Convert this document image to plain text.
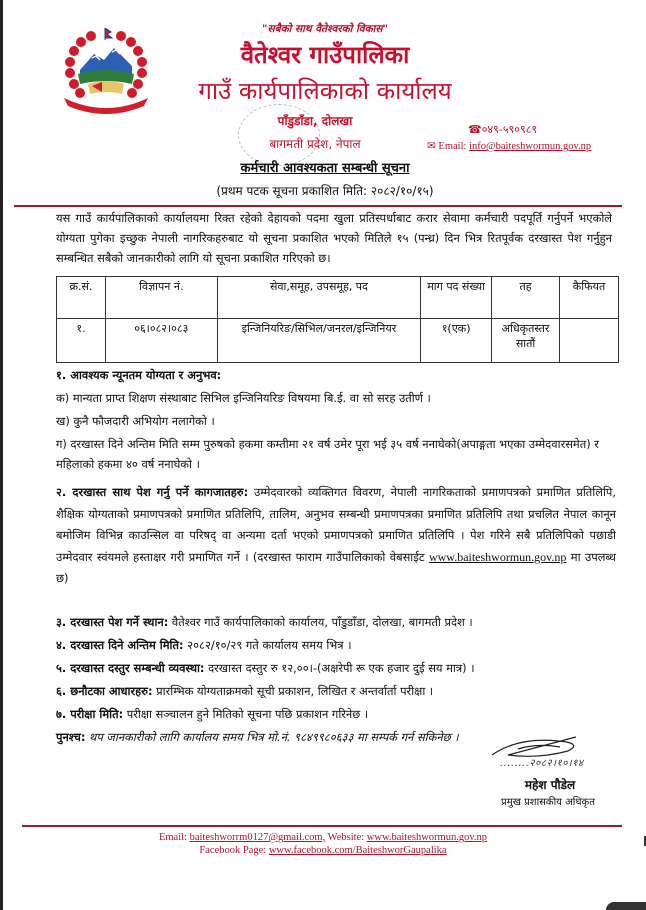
"सबैको साथ वैतेश्वरको विकास"
वैतेश्वर गाउँपालिका
गाउँ कार्यपालिकाको कार्यालय
पाँडुडाँडा, दोलखा
बागमती प्रदेश, नेपाल
☎०४९-५९०९८९
✉ Email: info@baiteshwormun.gov.np
कर्मचारी आवश्यकता सम्बन्धी सूचना
(प्रथम पटक सूचना प्रकाशित मिति: २०८२/१०/१५)
यस गाउँ कार्यपालिकाको कार्यालयमा रिक्त रहेको देहायको पदमा खुला प्रतिस्पर्धाबाट करार सेवामा कर्मचारी पदपूर्ति गर्नुपर्ने भएकोले योग्यता पुगेका इच्छुक नेपाली नागरिकहरुबाट यो सूचना प्रकाशित भएको मितिले १५ (पन्ध्र) दिन भित्र रितपूर्वक दरखास्त पेश गर्नुहुन सम्बन्धित सबैको जानकारीको लागि यो सूचना प्रकाशित गरिएको छ।
क्र.सं.	विज्ञापन नं.	सेवा,समूह, उपसमूह, पद	माग पद संख्या	तह	कैफियत
१.	०६।०८२।०८३	इन्जिनियरिङ/सिभिल/जनरल/इन्जिनियर	१(एक)	अधिकृतस्तर सातौं	
१. आवश्यक न्यूनतम योग्यता र अनुभव:
क) मान्यता प्राप्त शिक्षण संस्थाबाट सिभिल इन्जिनियरिङ विषयमा बि.ई. वा सो सरह उतीर्ण ।
ख) कुनै फौजदारी अभियोग नलागेको ।
ग) दरखास्त दिने अन्तिम मिति सम्म पुरुषको हकमा कम्तीमा २१ वर्ष उमेर पूरा भई ३५ वर्ष ननाघेको(अपाङ्गता भएका उम्मेदवारसमेत) र महिलाको हकमा ४० वर्ष ननाघेको ।
२. दरखास्त साथ पेश गर्नु पर्ने कागजातहरु: उम्मेदवारको व्यक्तिगत विवरण, नेपाली नागरिकताको प्रमाणपत्रको प्रमाणित प्रतिलिपि, शैक्षिक योग्यताको प्रमाणपत्रको प्रमाणित प्रतिलिपि, तालिम, अनुभव सम्बन्धी प्रमाणपत्रका प्रमाणित प्रतिलिपि तथा प्रचलित नेपाल कानून बमोजिम विभिन्न काउन्सिल वा परिषद् वा अन्यमा दर्ता भएको प्रमाणपत्रको प्रमाणित प्रतिलिपि । पेश गरिने सबै प्रतिलिपिको पछाडी उम्मेदवार स्वंयमले हस्ताक्षर गरी प्रमाणित गर्ने । (दरखास्त फाराम गाउँपालिकाको वेबसाईट www.baiteshwormun.gov.np मा उपलब्ध छ)
३. दरखास्त पेश गर्ने स्थान: वैतेश्वर गाउँ कार्यपालिकाको कार्यालय, पाँडुडाँडा, दोलखा, बागमती प्रदेश ।
४. दरखास्त दिने अन्तिम मिति: २०८२/१०/२९ गते कार्यालय समय भित्र ।
५. दरखास्त दस्तुर सम्बन्धी व्यवस्था: दरखास्त दस्तुर रु १२,००।-(अक्षरेपी रू एक हजार दुई सय मात्र) ।
६. छनौटका आधारहरु: प्रारम्भिक योग्यताक्रमको सूची प्रकाशन, लिखित र अन्तर्वार्ता परीक्षा ।
७. परीक्षा मिति: परीक्षा सञ्चालन हुने मितिको सूचना पछि प्रकाशन गरिनेछ ।
पुनश्च: थप जानकारीको लागि कार्यालय समय भित्र मो.नं. ९८४९९८०६३३ मा सम्पर्क गर्न सकिनेछ ।
........२०८२।१०।१४
महेश पौडेल
प्रमुख प्रशासकीय अधिकृत
Email: baiteshworrm0127@gmail.com, Website: www.baiteshwormun.gov.np
Facebook Page: www.facebook.com/BaiteshworGaupalika
